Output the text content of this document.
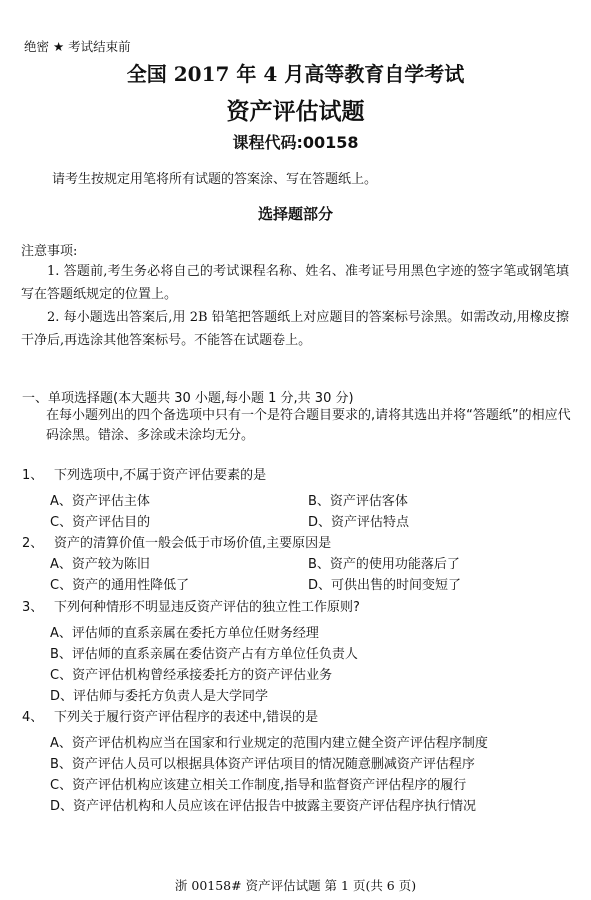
绝密 ★ 考试结束前
全国 2017 年 4 月高等教育自学考试
资产评估试题
课程代码:00158
请考生按规定用笔将所有试题的答案涂、写在答题纸上。
选择题部分
注意事项:
1. 答题前,考生务必将自己的考试课程名称、姓名、准考证号用黑色字迹的签字笔或钢笔填写在答题纸规定的位置上。
2. 每小题选出答案后,用 2B 铅笔把答题纸上对应题目的答案标号涂黑。如需改动,用橡皮擦干净后,再选涂其他答案标号。不能答在试题卷上。
一、单项选择题(本大题共 30 小题,每小题 1 分,共 30 分)
在每小题列出的四个备选项中只有一个是符合题目要求的,请将其选出并将“答题纸”的相应代码涂黑。错涂、多涂或未涂均无分。
1、 下列选项中,不属于资产评估要素的是
A、资产评估主体	B、资产评估客体
C、资产评估目的	D、资产评估特点
2、 资产的清算价值一般会低于市场价值,主要原因是
A、资产较为陈旧	B、资产的使用功能落后了
C、资产的通用性降低了	D、可供出售的时间变短了
3、 下列何种情形不明显违反资产评估的独立性工作原则?
A、评估师的直系亲属在委托方单位任财务经理
B、评估师的直系亲属在委估资产占有方单位任负责人
C、资产评估机构曾经承接委托方的资产评估业务
D、评估师与委托方负责人是大学同学
4、 下列关于履行资产评估程序的表述中,错误的是
A、资产评估机构应当在国家和行业规定的范围内建立健全资产评估程序制度
B、资产评估人员可以根据具体资产评估项目的情况随意删减资产评估程序
C、资产评估机构应该建立相关工作制度,指导和监督资产评估程序的履行
D、资产评估机构和人员应该在评估报告中披露主要资产评估程序执行情况
浙 00158# 资产评估试题 第 1 页(共 6 页)
